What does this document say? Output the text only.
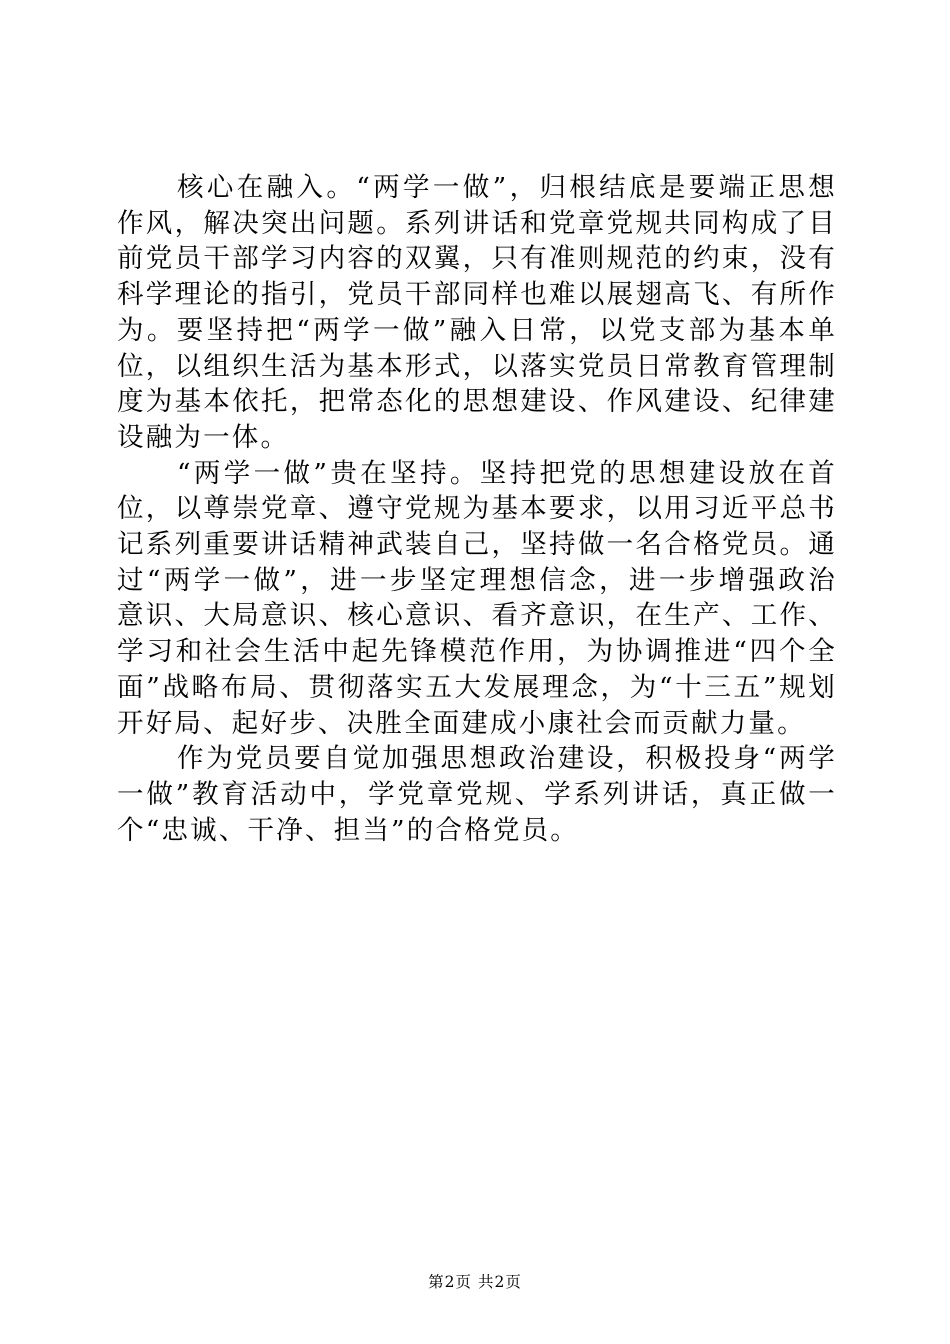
核心在融入。“两学一做”，归根结底是要端正思想作风，解决突出问题。系列讲话和党章党规共同构成了目前党员干部学习内容的双翼，只有准则规范的约束，没有科学理论的指引，党员干部同样也难以展翅高飞、有所作为。要坚持把“两学一做”融入日常，以党支部为基本单位，以组织生活为基本形式，以落实党员日常教育管理制度为基本依托，把常态化的思想建设、作风建设、纪律建设融为一体。

“两学一做”贵在坚持。坚持把党的思想建设放在首位，以尊崇党章、遵守党规为基本要求，以用习近平总书记系列重要讲话精神武装自己，坚持做一名合格党员。通过“两学一做”，进一步坚定理想信念，进一步增强政治意识、大局意识、核心意识、看齐意识，在生产、工作、学习和社会生活中起先锋模范作用，为协调推进“四个全面”战略布局、贯彻落实五大发展理念，为“十三五”规划开好局、起好步、决胜全面建成小康社会而贡献力量。

作为党员要自觉加强思想政治建设，积极投身“两学一做”教育活动中，学党章党规、学系列讲话，真正做一个“忠诚、干净、担当”的合格党员。

第2页 共2页
